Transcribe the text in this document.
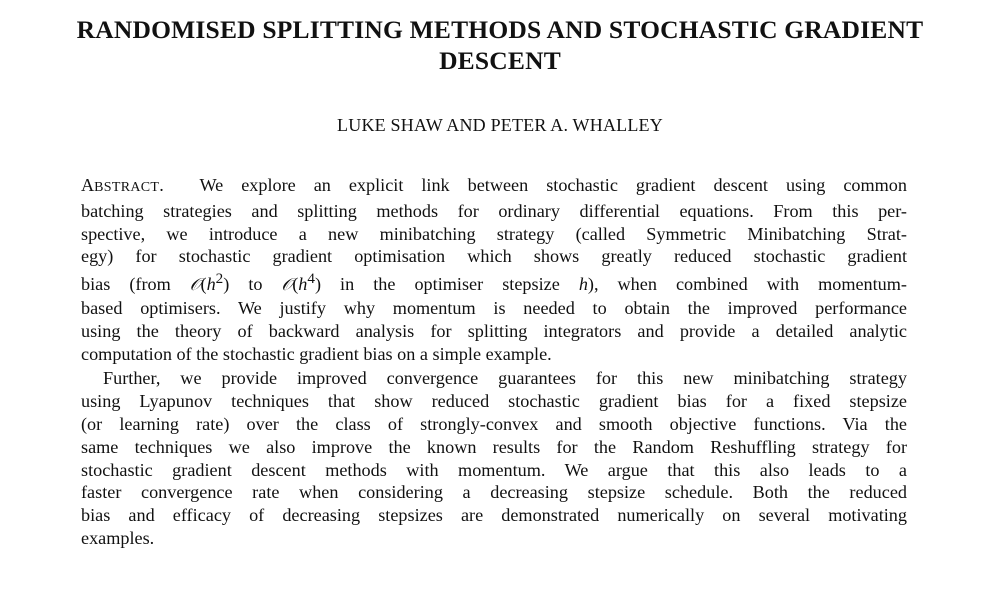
RANDOMISED SPLITTING METHODS AND STOCHASTIC GRADIENT
DESCENT
LUKE SHAW AND PETER A. WHALLEY
ABSTRACT. We explore an explicit link between stochastic gradient descent using common
batching strategies and splitting methods for ordinary differential equations. From this per-
spective, we introduce a new minibatching strategy (called Symmetric Minibatching Strat-
egy) for stochastic gradient optimisation which shows greatly reduced stochastic gradient
bias (from $𝒪(h^2)$ to $𝒪(h^4)$ in the optimiser stepsize h), when combined with momentum-
based optimisers. We justify why momentum is needed to obtain the improved performance
using the theory of backward analysis for splitting integrators and provide a detailed analytic
computation of the stochastic gradient bias on a simple example.
Further, we provide improved convergence guarantees for this new minibatching strategy
using Lyapunov techniques that show reduced stochastic gradient bias for a fixed stepsize
(or learning rate) over the class of strongly-convex and smooth objective functions. Via the
same techniques we also improve the known results for the Random Reshuffling strategy for
stochastic gradient descent methods with momentum. We argue that this also leads to a
faster convergence rate when considering a decreasing stepsize schedule. Both the reduced
bias and efficacy of decreasing stepsizes are demonstrated numerically on several motivating
examples.
